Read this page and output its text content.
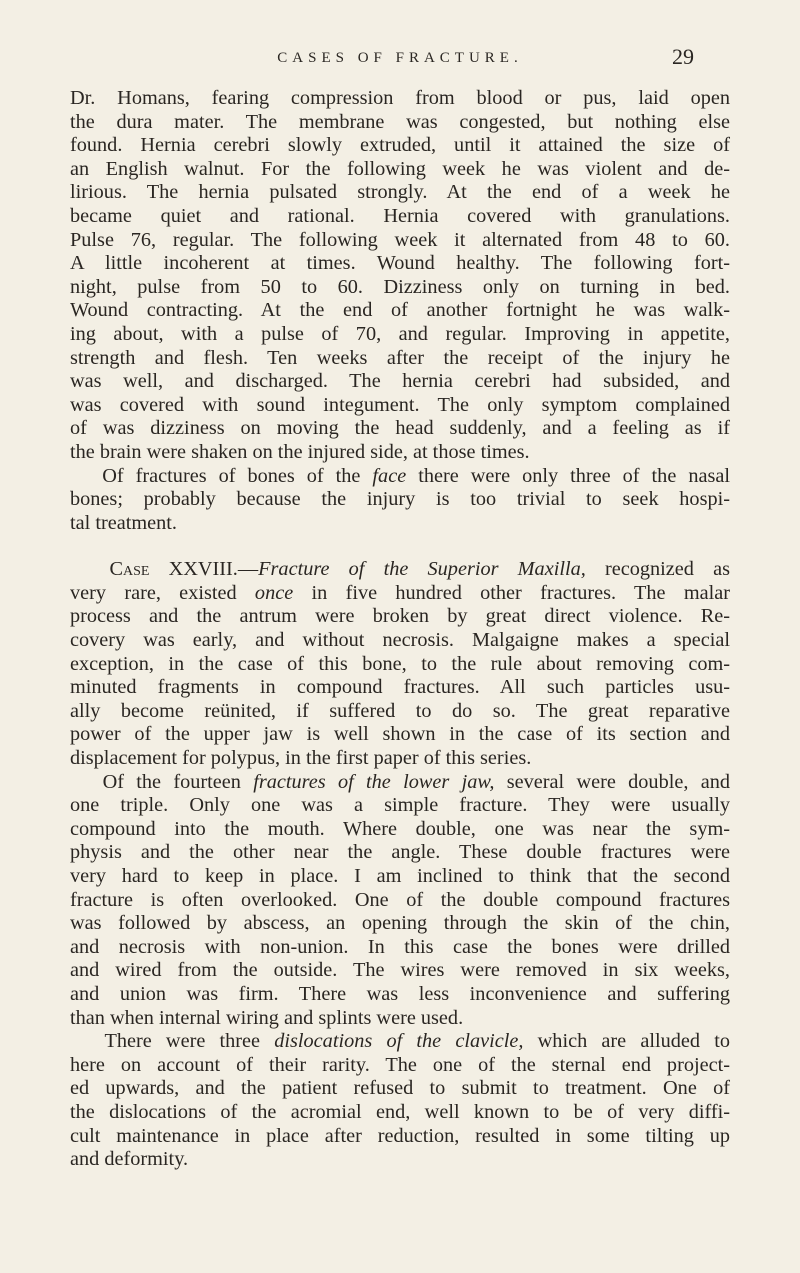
CASES OF FRACTURE.	29
Dr. Homans, fearing compression from blood or pus, laid open
the dura mater. The membrane was congested, but nothing else
found. Hernia cerebri slowly extruded, until it attained the size of
an English walnut. For the following week he was violent and de-
lirious. The hernia pulsated strongly. At the end of a week he
became quiet and rational. Hernia covered with granulations.
Pulse 76, regular. The following week it alternated from 48 to 60.
A little incoherent at times. Wound healthy. The following fort-
night, pulse from 50 to 60. Dizziness only on turning in bed.
Wound contracting. At the end of another fortnight he was walk-
ing about, with a pulse of 70, and regular. Improving in appetite,
strength and flesh. Ten weeks after the receipt of the injury he
was well, and discharged. The hernia cerebri had subsided, and
was covered with sound integument. The only symptom complained
of was dizziness on moving the head suddenly, and a feeling as if
the brain were shaken on the injured side, at those times.
  Of fractures of bones of the face there were only three of the nasal
bones; probably because the injury is too trivial to seek hospi-
tal treatment.
  Case XXVIII.—Fracture of the Superior Maxilla, recognized as
very rare, existed once in five hundred other fractures. The malar
process and the antrum were broken by great direct violence. Re-
covery was early, and without necrosis. Malgaigne makes a special
exception, in the case of this bone, to the rule about removing com-
minuted fragments in compound fractures. All such particles usu-
ally become reünited, if suffered to do so. The great reparative
power of the upper jaw is well shown in the case of its section and
displacement for polypus, in the first paper of this series.
  Of the fourteen fractures of the lower jaw, several were double, and
one triple. Only one was a simple fracture. They were usually
compound into the mouth. Where double, one was near the sym-
physis and the other near the angle. These double fractures were
very hard to keep in place. I am inclined to think that the second
fracture is often overlooked. One of the double compound fractures
was followed by abscess, an opening through the skin of the chin,
and necrosis with non-union. In this case the bones were drilled
and wired from the outside. The wires were removed in six weeks,
and union was firm. There was less inconvenience and suffering
than when internal wiring and splints were used.
  There were three dislocations of the clavicle, which are alluded to
here on account of their rarity. The one of the sternal end project-
ed upwards, and the patient refused to submit to treatment. One of
the dislocations of the acromial end, well known to be of very diffi-
cult maintenance in place after reduction, resulted in some tilting up
and deformity.
